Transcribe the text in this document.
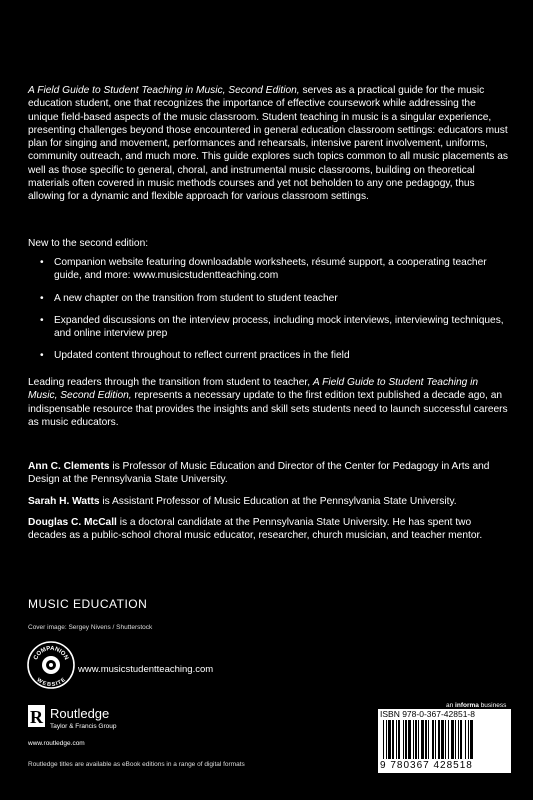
A Field Guide to Student Teaching in Music, Second Edition, serves as a practical guide for the music education student, one that recognizes the importance of effective coursework while addressing the unique field-based aspects of the music classroom. Student teaching in music is a singular experience, presenting challenges beyond those encountered in general education classroom settings: educators must plan for singing and movement, performances and rehearsals, intensive parent involvement, uniforms, community outreach, and much more. This guide explores such topics common to all music placements as well as those specific to general, choral, and instrumental music classrooms, building on theoretical materials often covered in music methods courses and yet not beholden to any one pedagogy, thus allowing for a dynamic and flexible approach for various classroom settings.
New to the second edition:
• Companion website featuring downloadable worksheets, résumé support, a cooperating teacher guide, and more: www.musicstudentteaching.com
• A new chapter on the transition from student to student teacher
• Expanded discussions on the interview process, including mock interviews, interviewing techniques, and online interview prep
• Updated content throughout to reflect current practices in the field
Leading readers through the transition from student to teacher, A Field Guide to Student Teaching in Music, Second Edition, represents a necessary update to the first edition text published a decade ago, an indispensable resource that provides the insights and skill sets students need to launch successful careers as music educators.

Ann C. Clements is Professor of Music Education and Director of the Center for Pedagogy in Arts and Design at the Pennsylvania State University.

Sarah H. Watts is Assistant Professor of Music Education at the Pennsylvania State University.

Douglas C. McCall is a doctoral candidate at the Pennsylvania State University. He has spent two decades as a public-school choral music educator, researcher, church musician, and teacher mentor.

MUSIC EDUCATION
Cover image: Sergey Nivens / Shutterstock
COMPANION
WEBSITE
www.musicstudentteaching.com
R Routledge
Taylor & Francis Group
www.routledge.com
Routledge titles are available as eBook editions in a range of digital formats
an informa business
ISBN 978-0-367-42851-8
9 780367 428518
